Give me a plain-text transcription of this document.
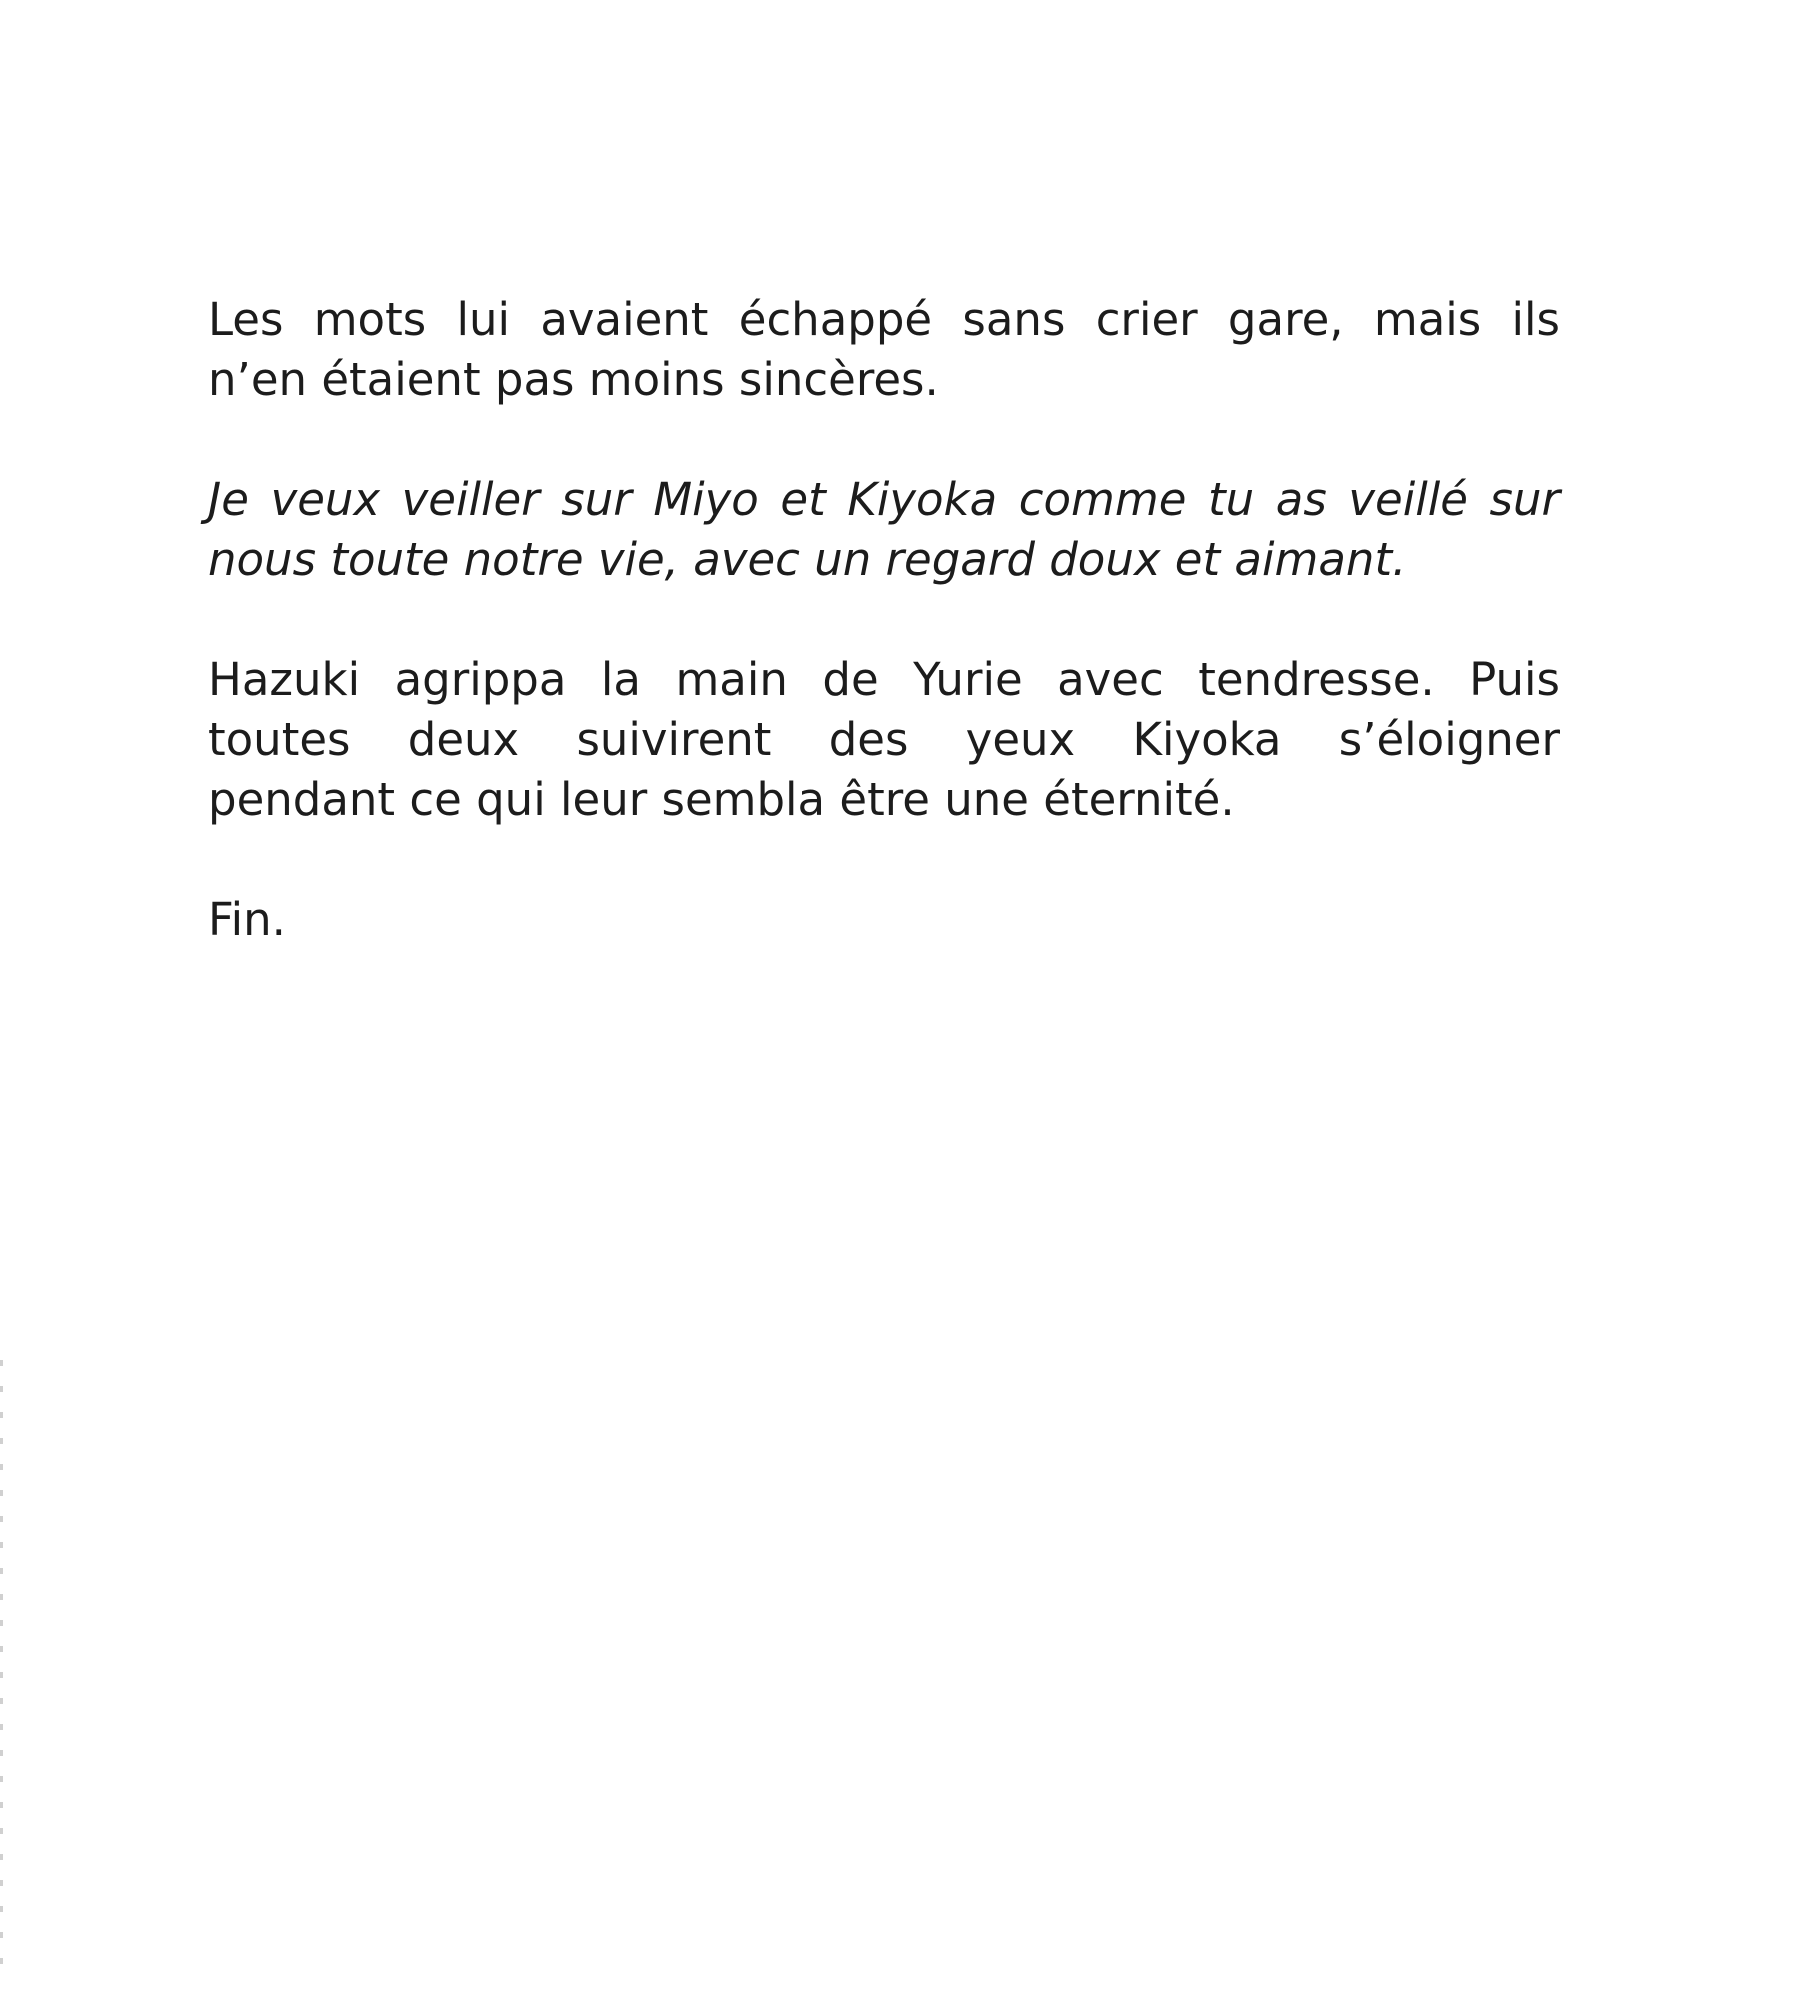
Les mots lui avaient échappé sans crier gare, mais ils
n’en étaient pas moins sincères.

Je veux veiller sur Miyo et Kiyoka comme tu as veillé sur
nous toute notre vie, avec un regard doux et aimant.

Hazuki agrippa la main de Yurie avec tendresse. Puis
toutes deux suivirent des yeux Kiyoka s’éloigner
pendant ce qui leur sembla être une éternité.

Fin.
